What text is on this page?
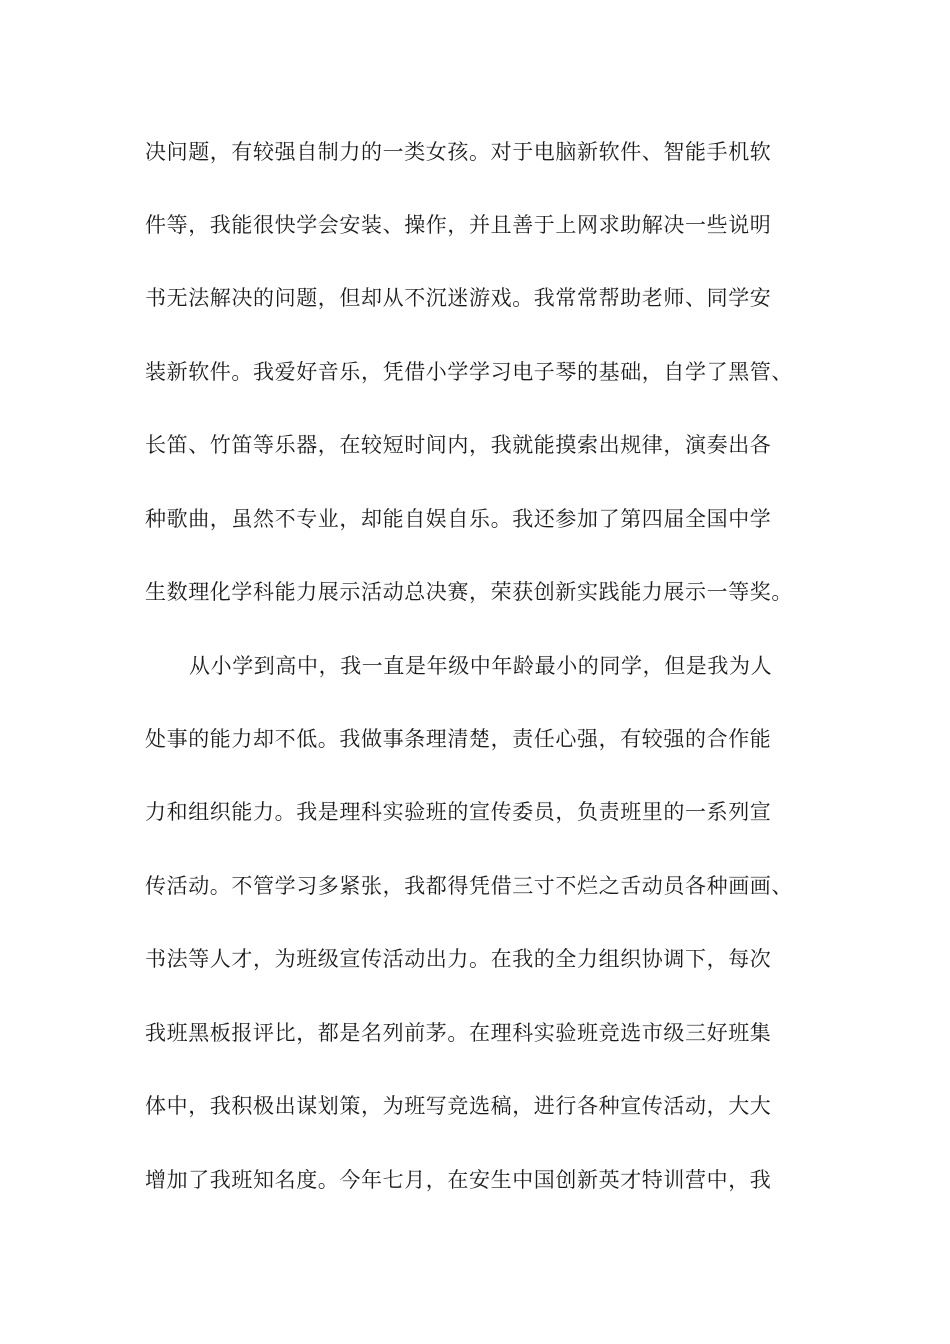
决问题，有较强自制力的一类女孩。对于电脑新软件、智能手机软
件等，我能很快学会安装、操作，并且善于上网求助解决一些说明
书无法解决的问题，但却从不沉迷游戏。我常常帮助老师、同学安
装新软件。我爱好音乐，凭借小学学习电子琴的基础，自学了黑管、
长笛、竹笛等乐器，在较短时间内，我就能摸索出规律，演奏出各
种歌曲，虽然不专业，却能自娱自乐。我还参加了第四届全国中学
生数理化学科能力展示活动总决赛，荣获创新实践能力展示一等奖。
从小学到高中，我一直是年级中年龄最小的同学，但是我为人
处事的能力却不低。我做事条理清楚，责任心强，有较强的合作能
力和组织能力。我是理科实验班的宣传委员，负责班里的一系列宣
传活动。不管学习多紧张，我都得凭借三寸不烂之舌动员各种画画、
书法等人才，为班级宣传活动出力。在我的全力组织协调下，每次
我班黑板报评比，都是名列前茅。在理科实验班竞选市级三好班集
体中，我积极出谋划策，为班写竞选稿，进行各种宣传活动，大大
增加了我班知名度。今年七月，在安生中国创新英才特训营中，我
